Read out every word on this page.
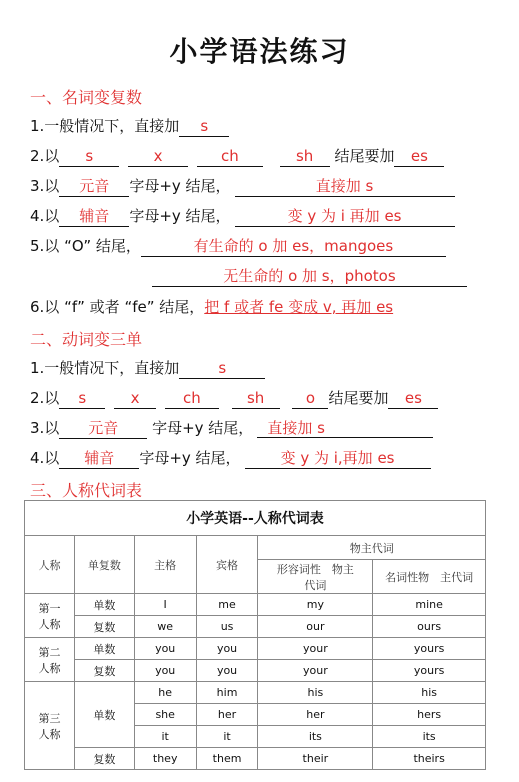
小学语法练习
一、名词变复数
1.一般情况下，直接加 s
2.以 s	x	ch	sh 结尾要加 es
3.以 元音 字母+y 结尾，	直接加 s
4.以 辅音 字母+y 结尾，	变 y 为 i 再加 es
5.以 “O” 结尾，	有生命的 o 加 es，mangoes
无生命的 o 加 s，photos
6.以 “f” 或者 “fe” 结尾，把 f 或者 fe 变成 v, 再加 es
二、动词变三单
1.一般情况下，直接加	s
2.以 s	x	ch	sh	o 结尾要加 es
3.以 元音 字母+y 结尾， 直接加 s
4.以 辅音 字母+y 结尾，	变 y 为 i,再加 es
三、人称代词表
小学英语--人称代词表					
人称	单复数	主格	宾格	物主代词	
				形容词性　物主代词	名词性物　主代词
第一人称	单数	I	me	my	mine
	复数	we	us	our	ours
第二人称	单数	you	you	your	yours
	复数	you	you	your	yours
第三人称	单数	he	him	his	his
		she	her	her	hers
		it	it	its	its
	复数	they	them	their	theirs
